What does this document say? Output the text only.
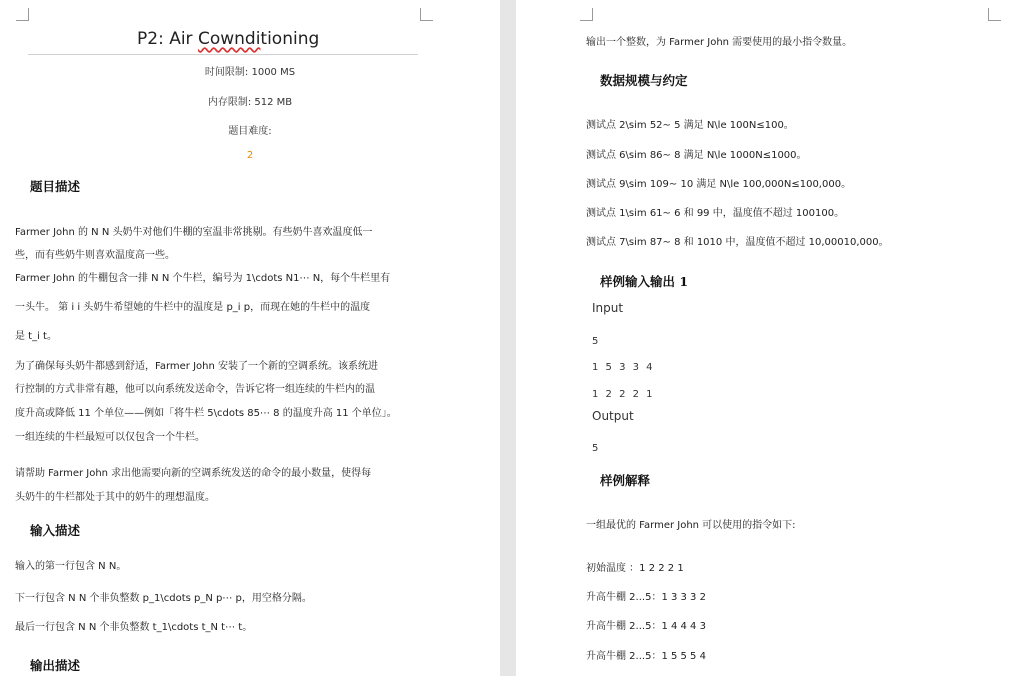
P2: Air Cownditioning
时间限制: 1000 MS
内存限制: 512 MB
题目难度:
2
题目描述
Farmer John 的 N N 头奶牛对他们牛棚的室温非常挑剔。有些奶牛喜欢温度低一
些，而有些奶牛则喜欢温度高一些。
Farmer John 的牛棚包含一排 N N 个牛栏，编号为 1\cdots N1⋯ N，每个牛栏里有
一头牛。 第 i i 头奶牛希望她的牛栏中的温度是 p_i p，而现在她的牛栏中的温度
是 t_i t。
为了确保每头奶牛都感到舒适，Farmer John 安装了一个新的空调系统。该系统进
行控制的方式非常有趣，他可以向系统发送命令，告诉它将一组连续的牛栏内的温
度升高或降低 11 个单位——例如「将牛栏 5\cdots 85⋯ 8 的温度升高 11 个单位」。
一组连续的牛栏最短可以仅包含一个牛栏。
请帮助 Farmer John 求出他需要向新的空调系统发送的命令的最小数量，使得每
头奶牛的牛栏都处于其中的奶牛的理想温度。
输入描述
输入的第一行包含 N N。
下一行包含 N N 个非负整数 p_1\cdots p_N p⋯ p，用空格分隔。
最后一行包含 N N 个非负整数 t_1\cdots t_N t⋯ t。
输出描述
输出一个整数，为 Farmer John 需要使用的最小指令数量。
数据规模与约定
测试点 2\sim 52∼ 5 满足 N\le 100N≤100。
测试点 6\sim 86∼ 8 满足 N\le 1000N≤1000。
测试点 9\sim 109∼ 10 满足 N\le 100,000N≤100,000。
测试点 1\sim 61∼ 6 和 99 中，温度值不超过 100100。
测试点 7\sim 87∼ 8 和 1010 中，温度值不超过 10,00010,000。
样例输入输出 1
Input
5
1 5 3 3 4
1 2 2 2 1
Output
5
样例解释
一组最优的 Farmer John 可以使用的指令如下:
初始温度 ：1 2 2 2 1
升高牛棚 2...5：1 3 3 3 2
升高牛棚 2...5：1 4 4 4 3
升高牛棚 2...5：1 5 5 5 4
